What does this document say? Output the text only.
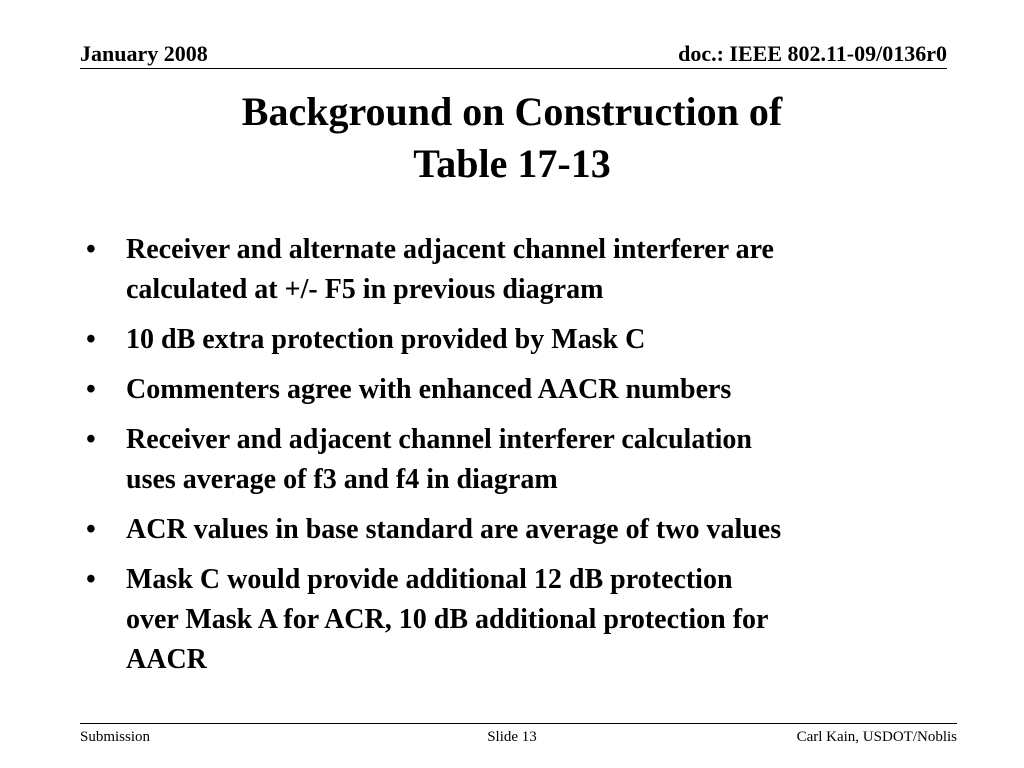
January 2008	doc.: IEEE 802.11-09/0136r0
Background on Construction of
Table 17-13
• Receiver and alternate adjacent channel interferer are
calculated at +/- F5 in previous diagram
• 10 dB extra protection provided by Mask C
• Commenters agree with enhanced AACR numbers
• Receiver and adjacent channel interferer calculation
uses average of f3 and f4 in diagram
• ACR values in base standard are average of two values
• Mask C would provide additional 12 dB protection
over Mask A for ACR, 10 dB additional protection for
AACR
Submission	Slide 13	Carl Kain, USDOT/Noblis
